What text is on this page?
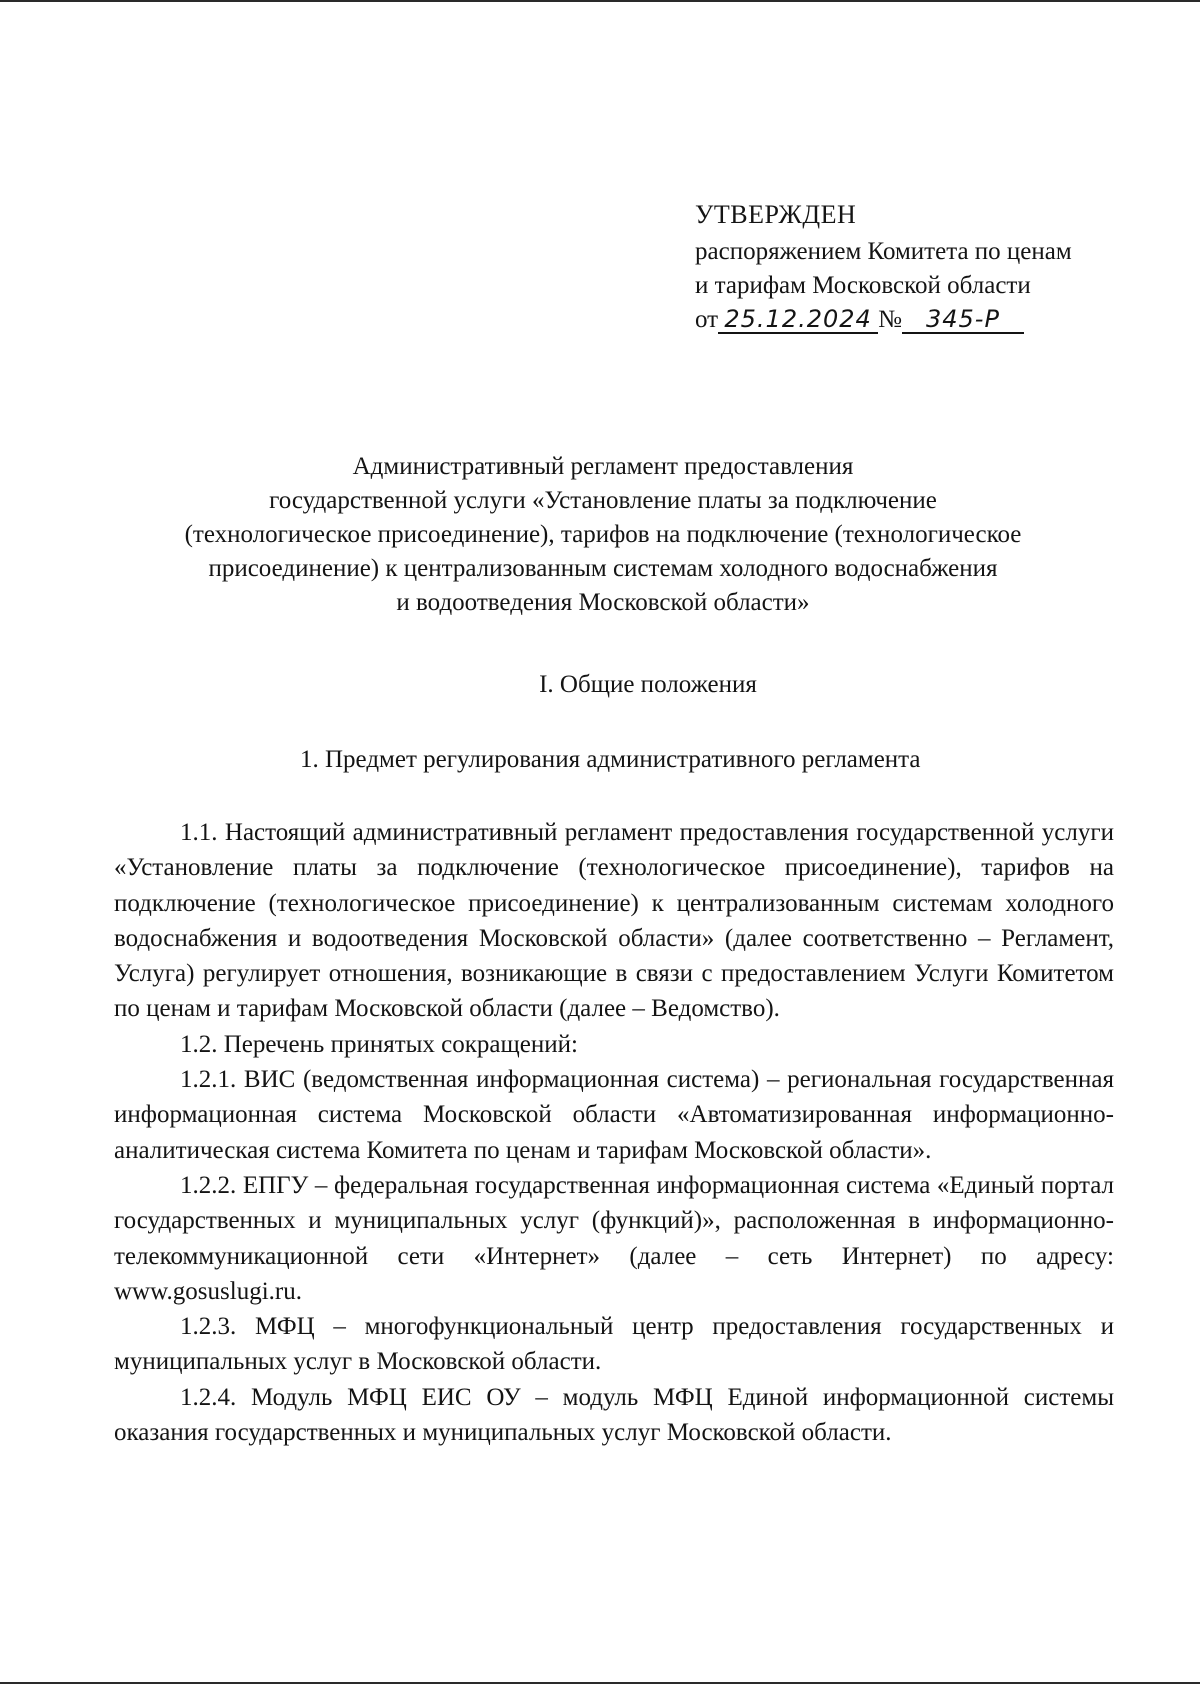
УТВЕРЖДЕН
распоряжением Комитета по ценам
и тарифам Московской области
от 25.12.2024 № 345-Р
Административный регламент предоставления
государственной услуги «Установление платы за подключение
(технологическое присоединение), тарифов на подключение (технологическое
присоединение) к централизованным системам холодного водоснабжения
и водоотведения Московской области»
I. Общие положения
1. Предмет регулирования административного регламента

1.1. Настоящий административный регламент предоставления государственной услуги «Установление платы за подключение (технологическое присоединение), тарифов на подключение (технологическое присоединение) к централизованным системам холодного водоснабжения и водоотведения Московской области» (далее соответственно – Регламент, Услуга) регулирует отношения, возникающие в связи с предоставлением Услуги Комитетом по ценам и тарифам Московской области (далее – Ведомство).

1.2. Перечень принятых сокращений:

1.2.1. ВИС (ведомственная информационная система) – региональная государственная информационная система Московской области «Автоматизированная информационно-аналитическая система Комитета по ценам и тарифам Московской области».

1.2.2. ЕПГУ – федеральная государственная информационная система «Единый портал государственных и муниципальных услуг (функций)», расположенная в информационно-телекоммуникационной сети «Интернет» (далее – сеть Интернет) по адресу: www.gosuslugi.ru.

1.2.3. МФЦ – многофункциональный центр предоставления государственных и муниципальных услуг в Московской области.

1.2.4. Модуль МФЦ ЕИС ОУ – модуль МФЦ Единой информационной системы оказания государственных и муниципальных услуг Московской области.
